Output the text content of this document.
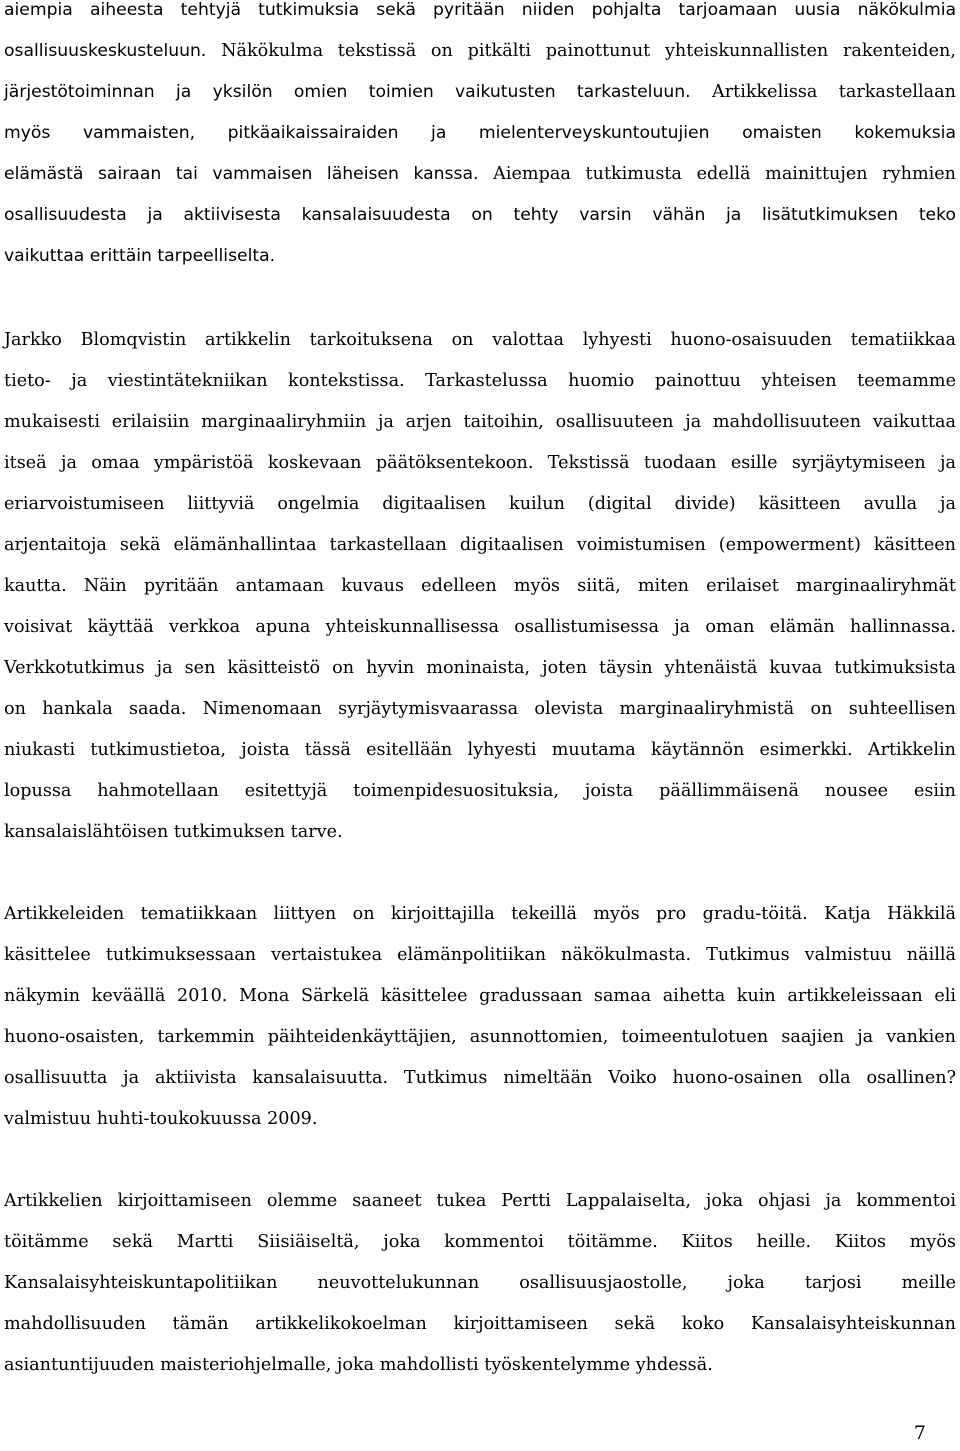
aiempia aiheesta tehtyjä tutkimuksia sekä pyritään niiden pohjalta tarjoamaan uusia näkökulmia
osallisuuskeskusteluun. Näkökulma tekstissä on pitkälti painottunut yhteiskunnallisten rakenteiden,
järjestötoiminnan ja yksilön omien toimien vaikutusten tarkasteluun. Artikkelissa tarkastellaan
myös vammaisten, pitkäaikaissairaiden ja mielenterveyskuntoutujien omaisten kokemuksia
elämästä sairaan tai vammaisen läheisen kanssa. Aiempaa tutkimusta edellä mainittujen ryhmien
osallisuudesta ja aktiivisesta kansalaisuudesta on tehty varsin vähän ja lisätutkimuksen teko
vaikuttaa erittäin tarpeelliselta.
Jarkko Blomqvistin artikkelin tarkoituksena on valottaa lyhyesti huono-osaisuuden tematiikkaa
tieto- ja viestintätekniikan kontekstissa. Tarkastelussa huomio painottuu yhteisen teemamme
mukaisesti erilaisiin marginaaliryhmiin ja arjen taitoihin, osallisuuteen ja mahdollisuuteen vaikuttaa
itseä ja omaa ympäristöä koskevaan päätöksentekoon. Tekstissä tuodaan esille syrjäytymiseen ja
eriarvoistumiseen liittyviä ongelmia digitaalisen kuilun (digital divide) käsitteen avulla ja
arjentaitoja sekä elämänhallintaa tarkastellaan digitaalisen voimistumisen (empowerment) käsitteen
kautta. Näin pyritään antamaan kuvaus edelleen myös siitä, miten erilaiset marginaaliryhmät
voisivat käyttää verkkoa apuna yhteiskunnallisessa osallistumisessa ja oman elämän hallinnassa.
Verkkotutkimus ja sen käsitteistö on hyvin moninaista, joten täysin yhtenäistä kuvaa tutkimuksista
on hankala saada. Nimenomaan syrjäytymisvaarassa olevista marginaaliryhmistä on suhteellisen
niukasti tutkimustietoa, joista tässä esitellään lyhyesti muutama käytännön esimerkki. Artikkelin
lopussa hahmotellaan esitettyjä toimenpidesuosituksia, joista päällimmäisenä nousee esiin
kansalaislähtöisen tutkimuksen tarve.
Artikkeleiden tematiikkaan liittyen on kirjoittajilla tekeillä myös pro gradu-töitä. Katja Häkkilä
käsittelee tutkimuksessaan vertaistukea elämänpolitiikan näkökulmasta. Tutkimus valmistuu näillä
näkymin keväällä 2010. Mona Särkelä käsittelee gradussaan samaa aihetta kuin artikkeleissaan eli
huono-osaisten, tarkemmin päihteidenkäyttäjien, asunnottomien, toimeentulotuen saajien ja vankien
osallisuutta ja aktiivista kansalaisuutta. Tutkimus nimeltään Voiko huono-osainen olla osallinen?
valmistuu huhti-toukokuussa 2009.
Artikkelien kirjoittamiseen olemme saaneet tukea Pertti Lappalaiselta, joka ohjasi ja kommentoi
töitämme sekä Martti Siisiäiseltä, joka kommentoi töitämme. Kiitos heille. Kiitos myös
Kansalaisyhteiskuntapolitiikan neuvottelukunnan osallisuusjaostolle, joka tarjosi meille
mahdollisuuden tämän artikkelikokoelman kirjoittamiseen sekä koko Kansalaisyhteiskunnan
asiantuntijuuden maisteriohjelmalle, joka mahdollisti työskentelymme yhdessä.
7
